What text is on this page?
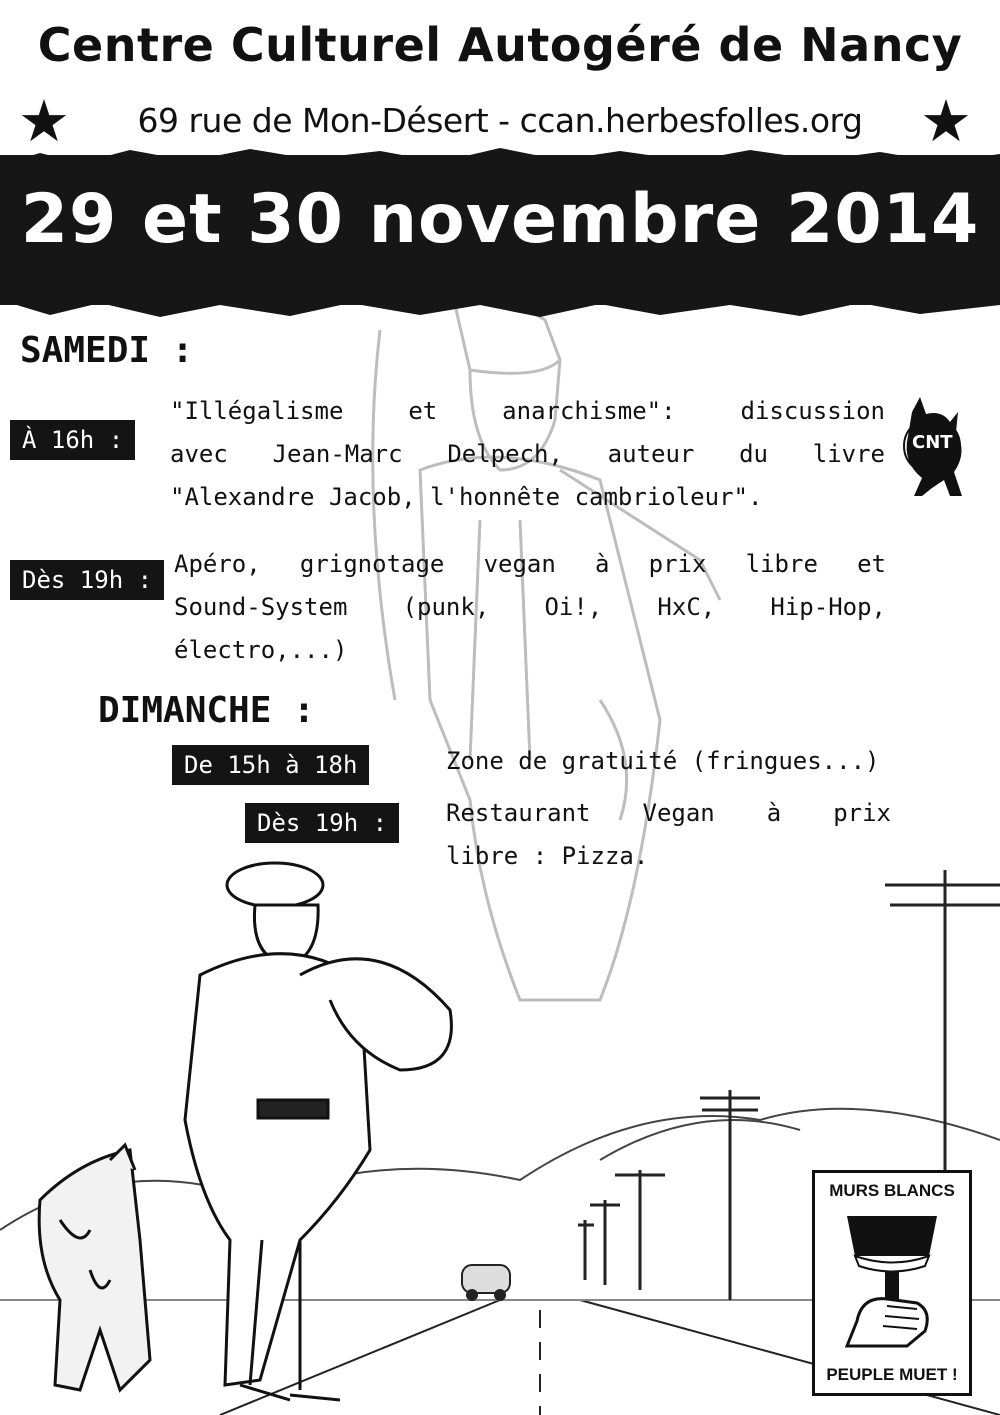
Centre Culturel Autogéré de Nancy
★	69 rue de Mon-Désert - ccan.herbesfolles.org ★
29 et 30 novembre 2014
SAMEDI :
À 16h :
"Illégalisme et anarchisme": discussion
avec Jean-Marc Delpech, auteur du livre
"Alexandre Jacob, l'honnête cambrioleur".
CNT
Dès 19h :
Apéro, grignotage vegan à prix libre et
Sound-System (punk, Oi!, HxC, Hip-Hop,
électro,...)
DIMANCHE :
De 15h à 18h	Zone de gratuité (fringues...)
Dès 19h :	Restaurant Vegan à prix
libre : Pizza.
MURS BLANCS
PEUPLE MUET !
